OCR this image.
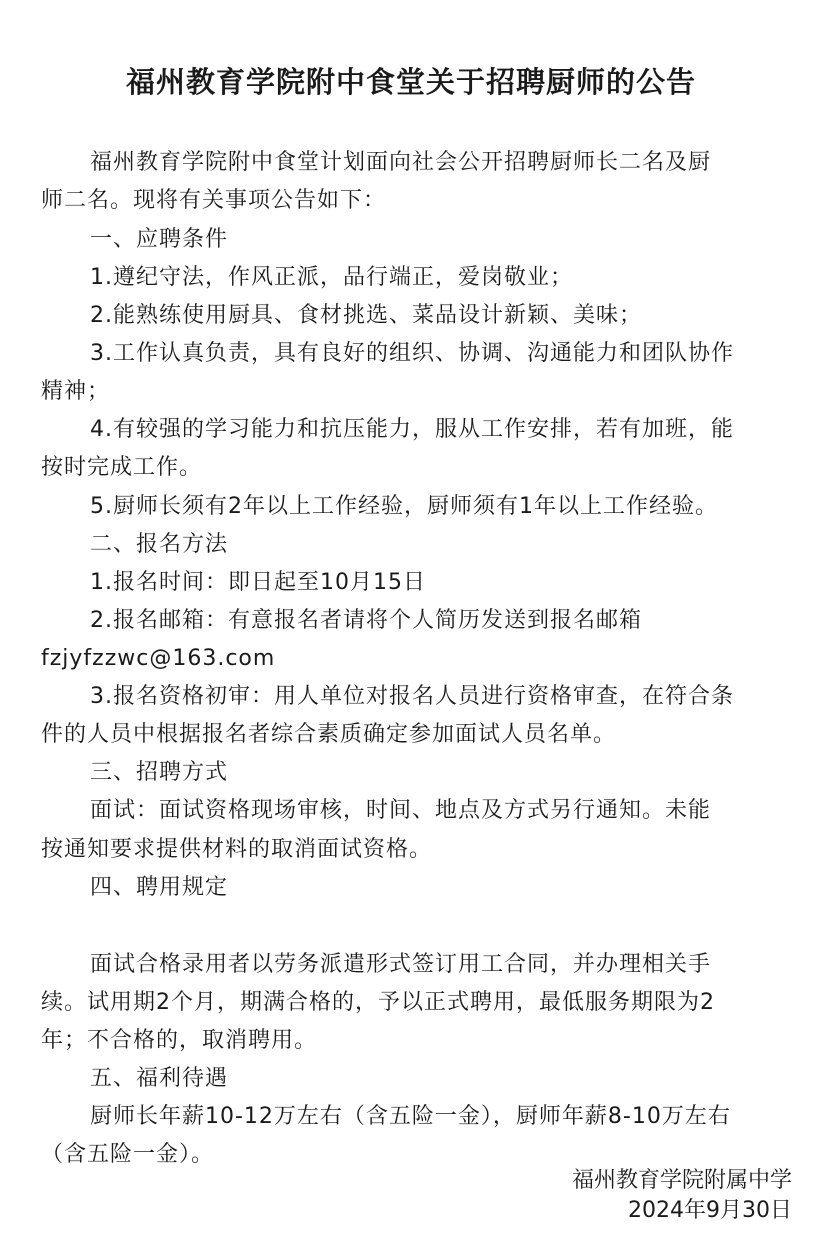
福州教育学院附中食堂关于招聘厨师的公告
福州教育学院附中食堂计划面向社会公开招聘厨师长二名及厨
师二名。现将有关事项公告如下：
一、应聘条件
1.遵纪守法，作风正派，品行端正，爱岗敬业；
2.能熟练使用厨具、食材挑选、菜品设计新颖、美味；
3.工作认真负责，具有良好的组织、协调、沟通能力和团队协作
精神；
4.有较强的学习能力和抗压能力，服从工作安排，若有加班，能
按时完成工作。
5.厨师长须有2年以上工作经验，厨师须有1年以上工作经验。
二、报名方法
1.报名时间：即日起至10月15日
2.报名邮箱：有意报名者请将个人简历发送到报名邮箱
fzjyfzzwc@163.com
3.报名资格初审：用人单位对报名人员进行资格审查，在符合条
件的人员中根据报名者综合素质确定参加面试人员名单。
三、招聘方式
面试：面试资格现场审核，时间、地点及方式另行通知。未能
按通知要求提供材料的取消面试资格。
四、聘用规定
面试合格录用者以劳务派遣形式签订用工合同，并办理相关手
续。试用期2个月，期满合格的，予以正式聘用，最低服务期限为2
年；不合格的，取消聘用。
五、福利待遇
厨师长年薪10-12万左右（含五险一金），厨师年薪8-10万左右
（含五险一金）。
福州教育学院附属中学
2024年9月30日
